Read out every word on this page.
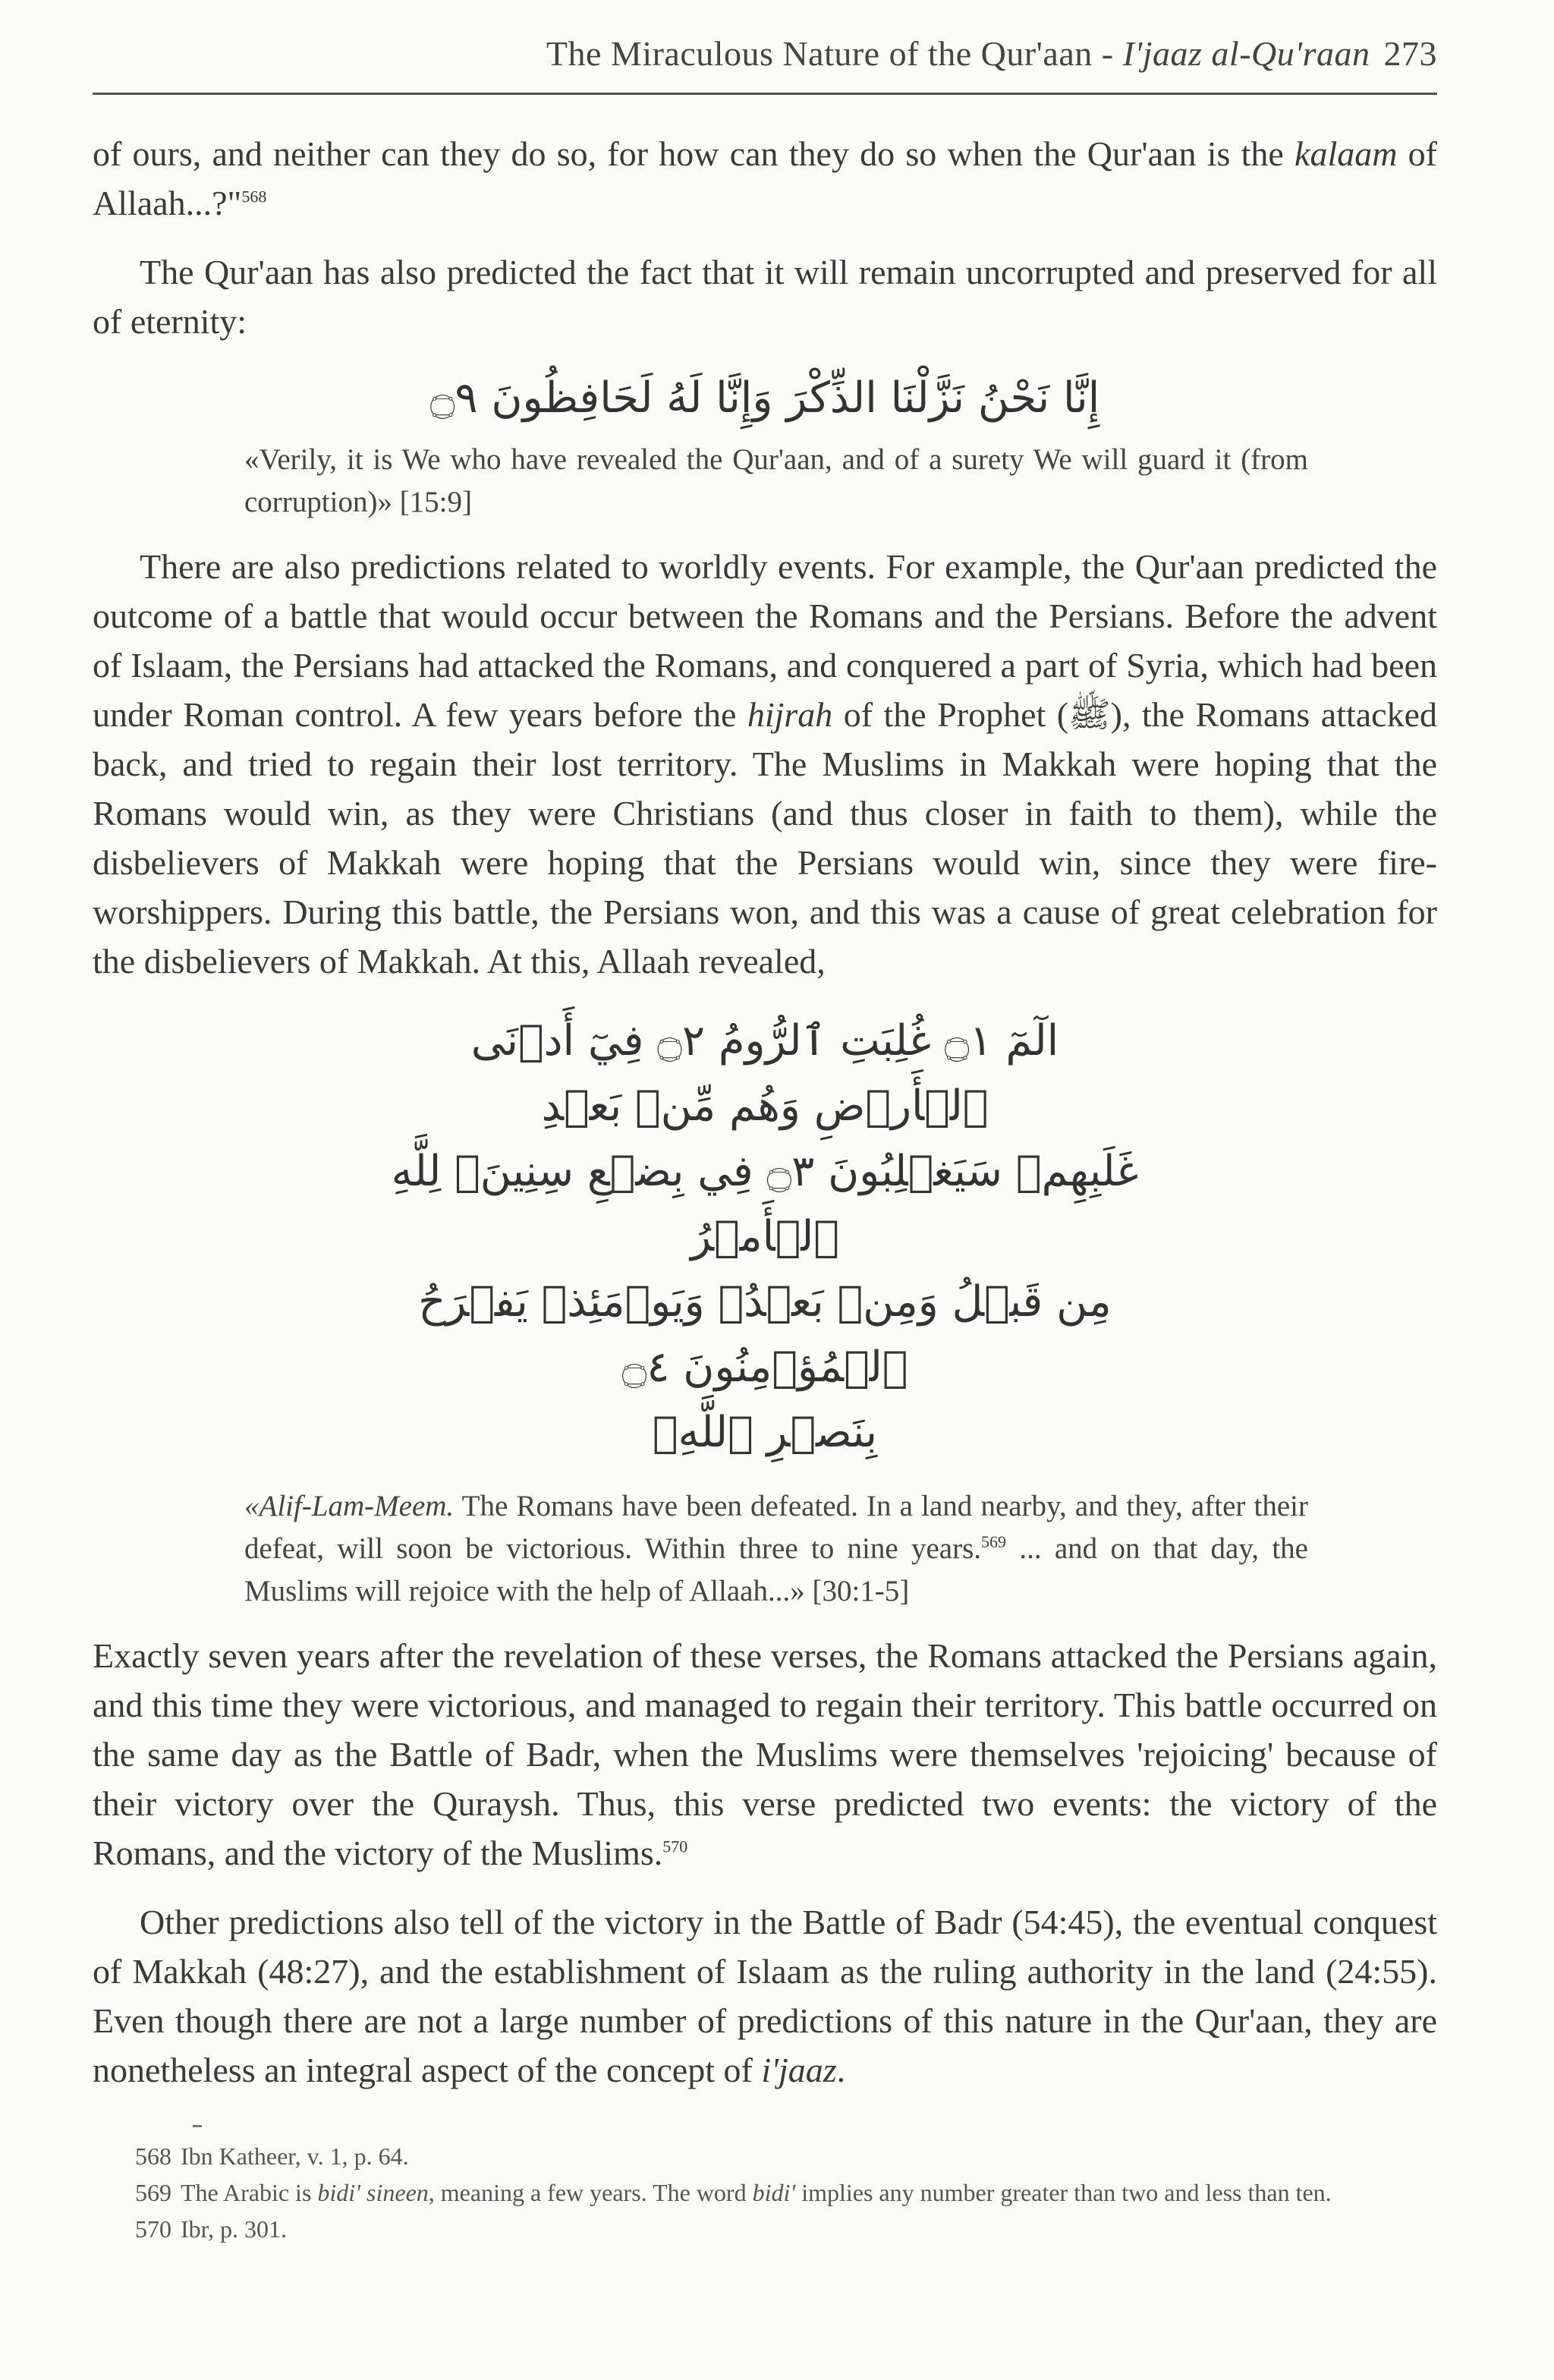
The Miraculous Nature of the Qur'aan - I'jaaz al-Qu'raan 273

of ours, and neither can they do so, for how can they do so when the Qur'aan is the kalaam of Allaah...?"$^{568}$

The Qur'aan has also predicted the fact that it will remain uncorrupted and preserved for all of eternity:

إِنَّا نَحْنُ نَزَّلْنَا الذِّكْرَ وَإِنَّا لَهُ لَحَافِظُونَ ۝٩

«Verily, it is We who have revealed the Qur'aan, and of a surety We will guard it (from corruption)» [15:9]

There are also predictions related to worldly events. For example, the Qur'aan predicted the outcome of a battle that would occur between the Romans and the Persians. Before the advent of Islaam, the Persians had attacked the Romans, and conquered a part of Syria, which had been under Roman control. A few years before the hijrah of the Prophet (ﷺ), the Romans attacked back, and tried to regain their lost territory. The Muslims in Makkah were hoping that the Romans would win, as they were Christians (and thus closer in faith to them), while the disbelievers of Makkah were hoping that the Persians would win, since they were fire-worshippers. During this battle, the Persians won, and this was a cause of great celebration for the disbelievers of Makkah. At this, Allaah revealed,

الٓمٓ ۝١ غُلِبَتِ ٱلرُّومُ ۝٢ فِيٓ أَدۡنَى ٱلۡأَرۡضِ وَهُم مِّنۢ بَعۡدِ
غَلَبِهِمۡ سَيَغۡلِبُونَ ۝٣ فِي بِضۡعِ سِنِينَۗ لِلَّهِ ٱلۡأَمۡرُ
مِن قَبۡلُ وَمِنۢ بَعۡدُۚ وَيَوۡمَئِذٖ يَفۡرَحُ ٱلۡمُؤۡمِنُونَ ۝٤
بِنَصۡرِ ٱللَّهِۚ

«Alif-Lam-Meem. The Romans have been defeated. In a land nearby, and they, after their defeat, will soon be victorious. Within three to nine years.$^{569}$ ... and on that day, the Muslims will rejoice with the help of Allaah...» [30:1-5]

Exactly seven years after the revelation of these verses, the Romans attacked the Persians again, and this time they were victorious, and managed to regain their territory. This battle occurred on the same day as the Battle of Badr, when the Muslims were themselves 'rejoicing' because of their victory over the Quraysh. Thus, this verse predicted two events: the victory of the Romans, and the victory of the Muslims.$^{570}$

Other predictions also tell of the victory in the Battle of Badr (54:45), the eventual conquest of Makkah (48:27), and the establishment of Islaam as the ruling authority in the land (24:55). Even though there are not a large number of predictions of this nature in the Qur'aan, they are nonetheless an integral aspect of the concept of i'jaaz.

568 Ibn Katheer, v. 1, p. 64.

569 The Arabic is bidi' sineen, meaning a few years. The word bidi' implies any number greater than two and less than ten.

570 Ibr, p. 301.
